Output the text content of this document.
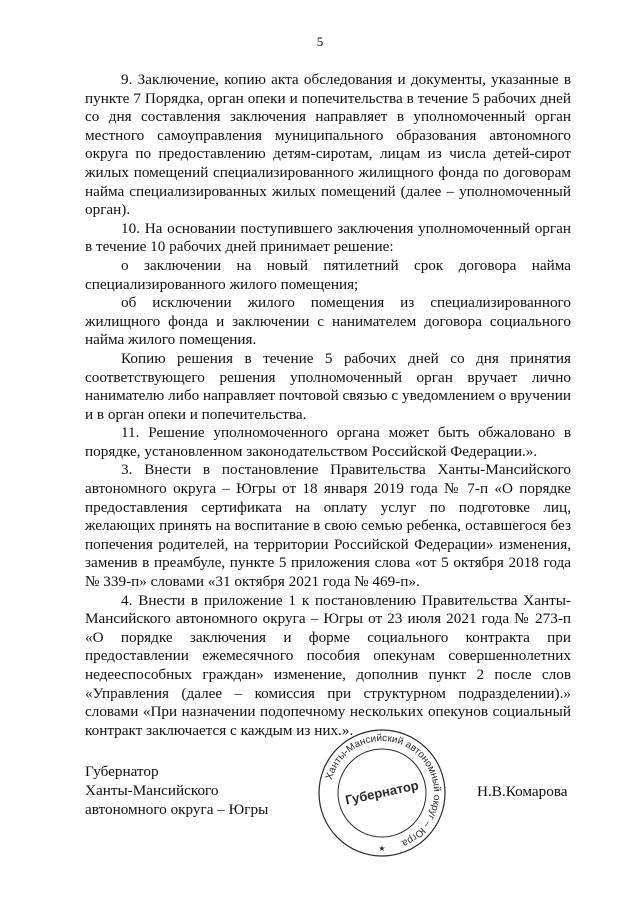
5

9. Заключение, копию акта обследования и документы, указанные в пункте 7 Порядка, орган опеки и попечительства в течение 5 рабочих дней со дня составления заключения направляет в уполномоченный орган местного самоуправления муниципального образования автономного округа по предоставлению детям-сиротам, лицам из числа детей-сирот жилых помещений специализированного жилищного фонда по договорам найма специализированных жилых помещений (далее – уполномоченный орган).

10. На основании поступившего заключения уполномоченный орган в течение 10 рабочих дней принимает решение:

о заключении на новый пятилетний срок договора найма специализированного жилого помещения;

об исключении жилого помещения из специализированного жилищного фонда и заключении с нанимателем договора социального найма жилого помещения.

Копию решения в течение 5 рабочих дней со дня принятия соответствующего решения уполномоченный орган вручает лично нанимателю либо направляет почтовой связью с уведомлением о вручении и в орган опеки и попечительства.

11. Решение уполномоченного органа может быть обжаловано в порядке, установленном законодательством Российской Федерации.».

3. Внести в постановление Правительства Ханты-Мансийского автономного округа – Югры от 18 января 2019 года № 7-п «О порядке предоставления сертификата на оплату услуг по подготовке лиц, желающих принять на воспитание в свою семью ребенка, оставшегося без попечения родителей, на территории Российской Федерации» изменения, заменив в преамбуле, пункте 5 приложения слова «от 5 октября 2018 года № 339-п» словами «31 октября 2021 года № 469-п».

4. Внести в приложение 1 к постановлению Правительства Ханты-Мансийского автономного округа – Югры от 23 июля 2021 года № 273-п «О порядке заключения и форме социального контракта при предоставлении ежемесячного пособия опекунам совершеннолетних недееспособных граждан» изменение, дополнив пункт 2 после слов «Управления (далее – комиссия при структурном подразделении).» словами «При назначении подопечному нескольких опекунов социальный контракт заключается с каждым из них.».

Губернатор
Ханты-Мансийского
автономного округа – Югры
Ханты-Мансийский автономный округ – Югра
Губернатор
★
Н.В.Комарова
